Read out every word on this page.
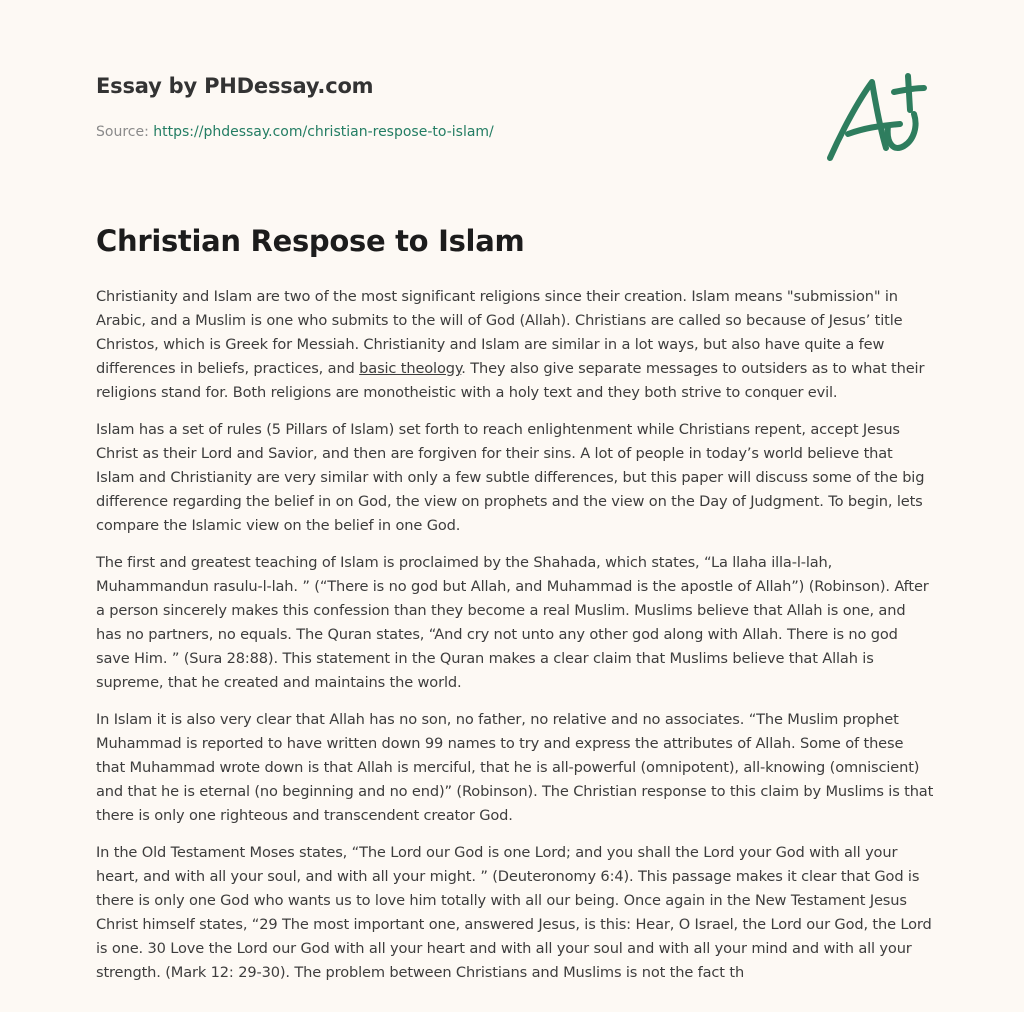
Essay by PHDessay.com
Source: https://phdessay.com/christian-respose-to-islam/
Christian Respose to Islam

Christianity and Islam are two of the most significant religions since their creation. Islam means "submission" in Arabic, and a Muslim is one who submits to the will of God (Allah). Christians are called so because of Jesus’ title Christos, which is Greek for Messiah. Christianity and Islam are similar in a lot ways, but also have quite a few differences in beliefs, practices, and basic theology. They also give separate messages to outsiders as to what their religions stand for. Both religions are monotheistic with a holy text and they both strive to conquer evil.

Islam has a set of rules (5 Pillars of Islam) set forth to reach enlightenment while Christians repent, accept Jesus Christ as their Lord and Savior, and then are forgiven for their sins. A lot of people in today’s world believe that Islam and Christianity are very similar with only a few subtle differences, but this paper will discuss some of the big difference regarding the belief in on God, the view on prophets and the view on the Day of Judgment. To begin, lets compare the Islamic view on the belief in one God.

The first and greatest teaching of Islam is proclaimed by the Shahada, which states, “La llaha illa-l-lah, Muhammandun rasulu-l-lah. ” (“There is no god but Allah, and Muhammad is the apostle of Allah”) (Robinson). After a person sincerely makes this confession than they become a real Muslim. Muslims believe that Allah is one, and has no partners, no equals. The Quran states, “And cry not unto any other god along with Allah. There is no god save Him. ” (Sura 28:88). This statement in the Quran makes a clear claim that Muslims believe that Allah is supreme, that he created and maintains the world.

In Islam it is also very clear that Allah has no son, no father, no relative and no associates. “The Muslim prophet Muhammad is reported to have written down 99 names to try and express the attributes of Allah. Some of these that Muhammad wrote down is that Allah is merciful, that he is all-powerful (omnipotent), all-knowing (omniscient) and that he is eternal (no beginning and no end)” (Robinson). The Christian response to this claim by Muslims is that there is only one righteous and transcendent creator God.

In the Old Testament Moses states, “The Lord our God is one Lord; and you shall the Lord your God with all your heart, and with all your soul, and with all your might. ” (Deuteronomy 6:4). This passage makes it clear that God is there is only one God who wants us to love him totally with all our being. Once again in the New Testament Jesus Christ himself states, “29 The most important one, answered Jesus, is this: Hear, O Israel, the Lord our God, the Lord is one. 30 Love the Lord our God with all your heart and with all your soul and with all your mind and with all your strength. (Mark 12: 29-30). The problem between Christians and Muslims is not the fact th
